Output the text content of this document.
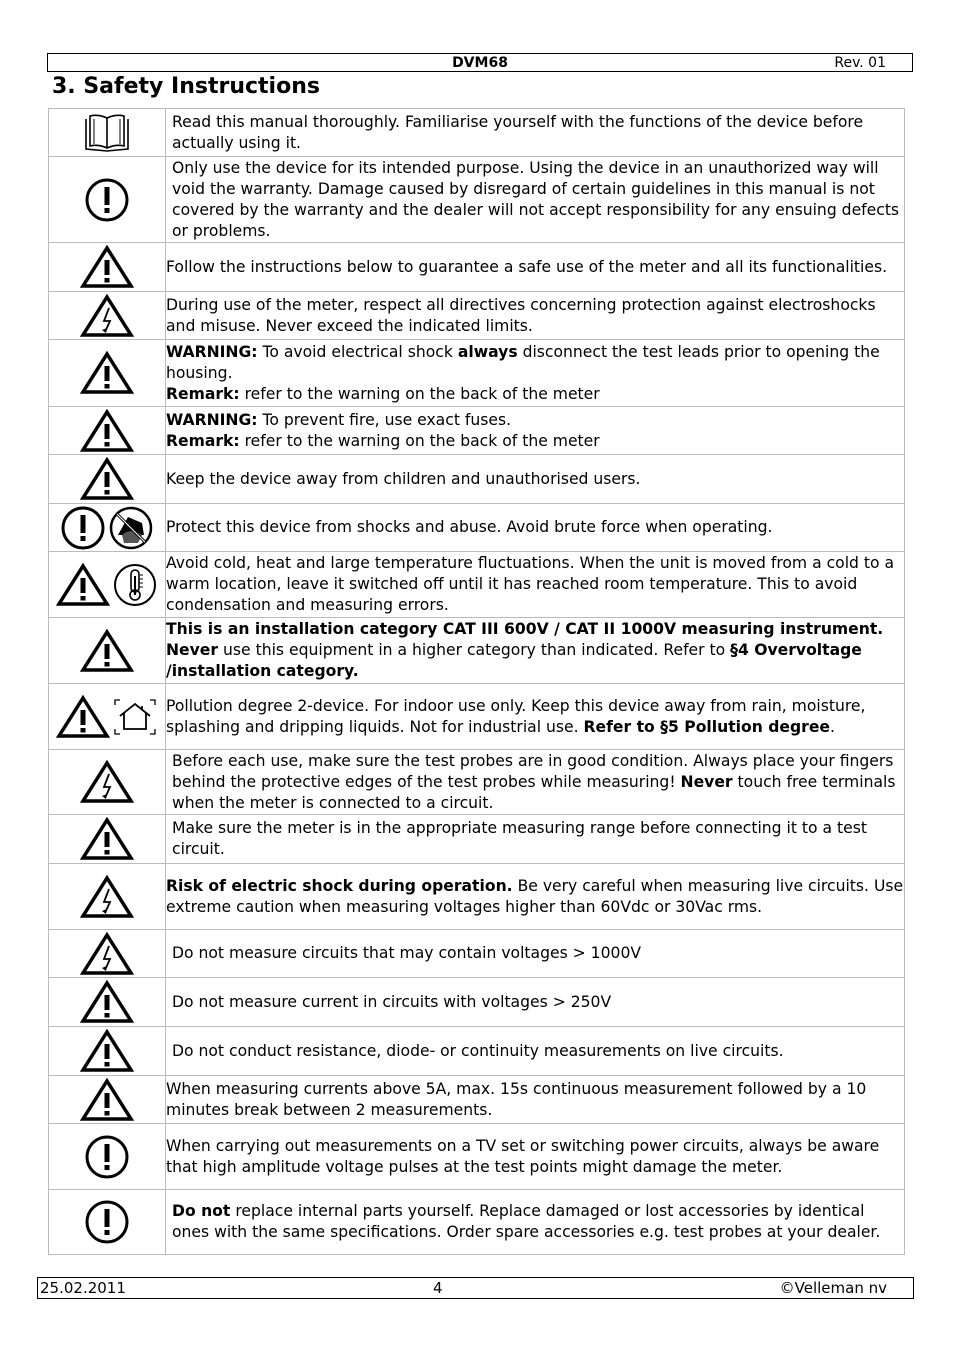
DVM68	Rev. 01
3. Safety Instructions
	Read this manual thoroughly. Familiarise yourself with the functions of the device before actually using it.
	Only use the device for its intended purpose. Using the device in an unauthorized way will void the warranty. Damage caused by disregard of certain guidelines in this manual is not covered by the warranty and the dealer will not accept responsibility for any ensuing defects or problems.
	Follow the instructions below to guarantee a safe use of the meter and all its functionalities.
	During use of the meter, respect all directives concerning protection against electroshocks and misuse. Never exceed the indicated limits.
	WARNING: To avoid electrical shock always disconnect the test leads prior to opening the housing.
Remark: refer to the warning on the back of the meter
	WARNING: To prevent fire, use exact fuses.
Remark: refer to the warning on the back of the meter
	Keep the device away from children and unauthorised users.
	Protect this device from shocks and abuse. Avoid brute force when operating.
	Avoid cold, heat and large temperature fluctuations. When the unit is moved from a cold to a warm location, leave it switched off until it has reached room temperature. This to avoid condensation and measuring errors.
	This is an installation category CAT III 600V / CAT II 1000V measuring instrument. Never use this equipment in a higher category than indicated. Refer to §4 Overvoltage /installation category.
	Pollution degree 2-device. For indoor use only. Keep this device away from rain, moisture, splashing and dripping liquids. Not for industrial use. Refer to §5 Pollution degree.
	Before each use, make sure the test probes are in good condition. Always place your fingers behind the protective edges of the test probes while measuring! Never touch free terminals when the meter is connected to a circuit.
	Make sure the meter is in the appropriate measuring range before connecting it to a test circuit.
	Risk of electric shock during operation. Be very careful when measuring live circuits. Use extreme caution when measuring voltages higher than 60Vdc or 30Vac rms.
	Do not measure circuits that may contain voltages > 1000V
	Do not measure current in circuits with voltages > 250V
	Do not conduct resistance, diode- or continuity measurements on live circuits.
	When measuring currents above 5A, max. 15s continuous measurement followed by a 10 minutes break between 2 measurements.
	When carrying out measurements on a TV set or switching power circuits, always be aware that high amplitude voltage pulses at the test points might damage the meter.
	Do not replace internal parts yourself. Replace damaged or lost accessories by identical ones with the same specifications. Order spare accessories e.g. test probes at your dealer.
25.02.2011	4	©Velleman nv
